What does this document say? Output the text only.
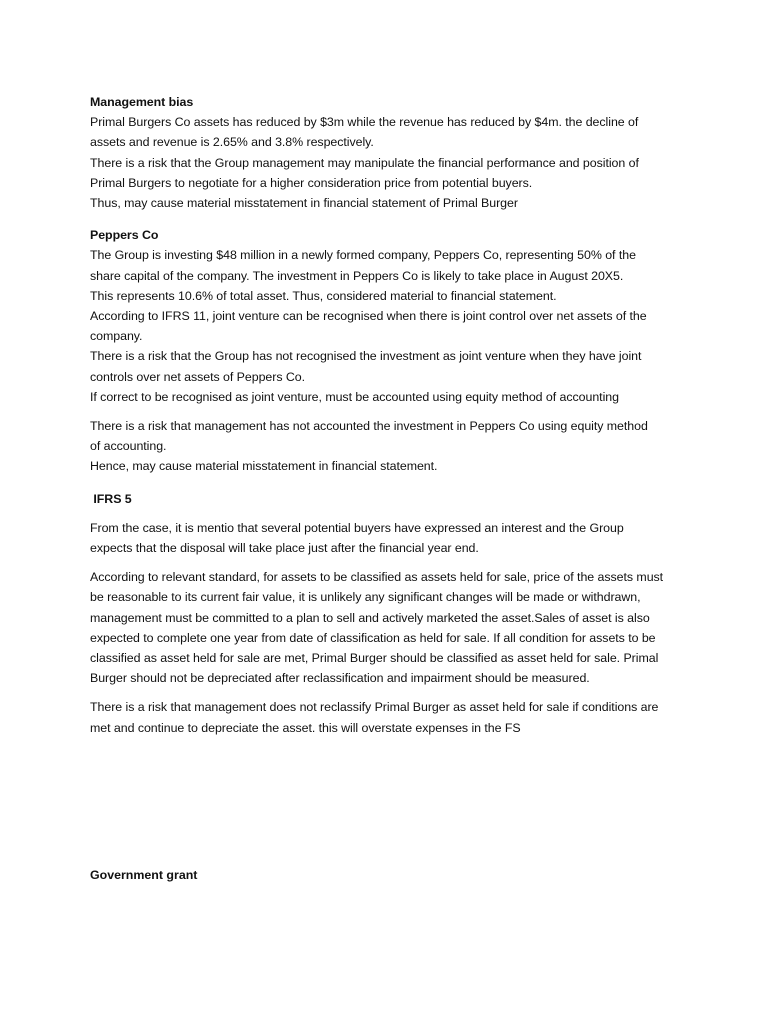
Management bias
Primal Burgers Co assets has reduced by $3m while the revenue has reduced by $4m. the decline of
assets and revenue is 2.65% and 3.8% respectively.
There is a risk that the Group management may manipulate the financial performance and position of
Primal Burgers to negotiate for a higher consideration price from potential buyers.
Thus, may cause material misstatement in financial statement of Primal Burger
Peppers Co
The Group is investing $48 million in a newly formed company, Peppers Co, representing 50% of the
share capital of the company. The investment in Peppers Co is likely to take place in August 20X5.
This represents 10.6% of total asset. Thus, considered material to financial statement.
According to IFRS 11, joint venture can be recognised when there is joint control over net assets of the
company.
There is a risk that the Group has not recognised the investment as joint venture when they have joint
controls over net assets of Peppers Co.
If correct to be recognised as joint venture, must be accounted using equity method of accounting
There is a risk that management has not accounted the investment in Peppers Co using equity method
of accounting.
Hence, may cause material misstatement in financial statement.
IFRS 5
From the case, it is mentio that several potential buyers have expressed an interest and the Group
expects that the disposal will take place just after the financial year end.
According to relevant standard, for assets to be classified as assets held for sale, price of the assets must
be reasonable to its current fair value, it is unlikely any significant changes will be made or withdrawn,
management must be committed to a plan to sell and actively marketed the asset.Sales of asset is also
expected to complete one year from date of classification as held for sale. If all condition for assets to be
classified as asset held for sale are met, Primal Burger should be classified as asset held for sale. Primal
Burger should not be depreciated after reclassification and impairment should be measured.
There is a risk that management does not reclassify Primal Burger as asset held for sale if conditions are
met and continue to depreciate the asset. this will overstate expenses in the FS
Government grant
